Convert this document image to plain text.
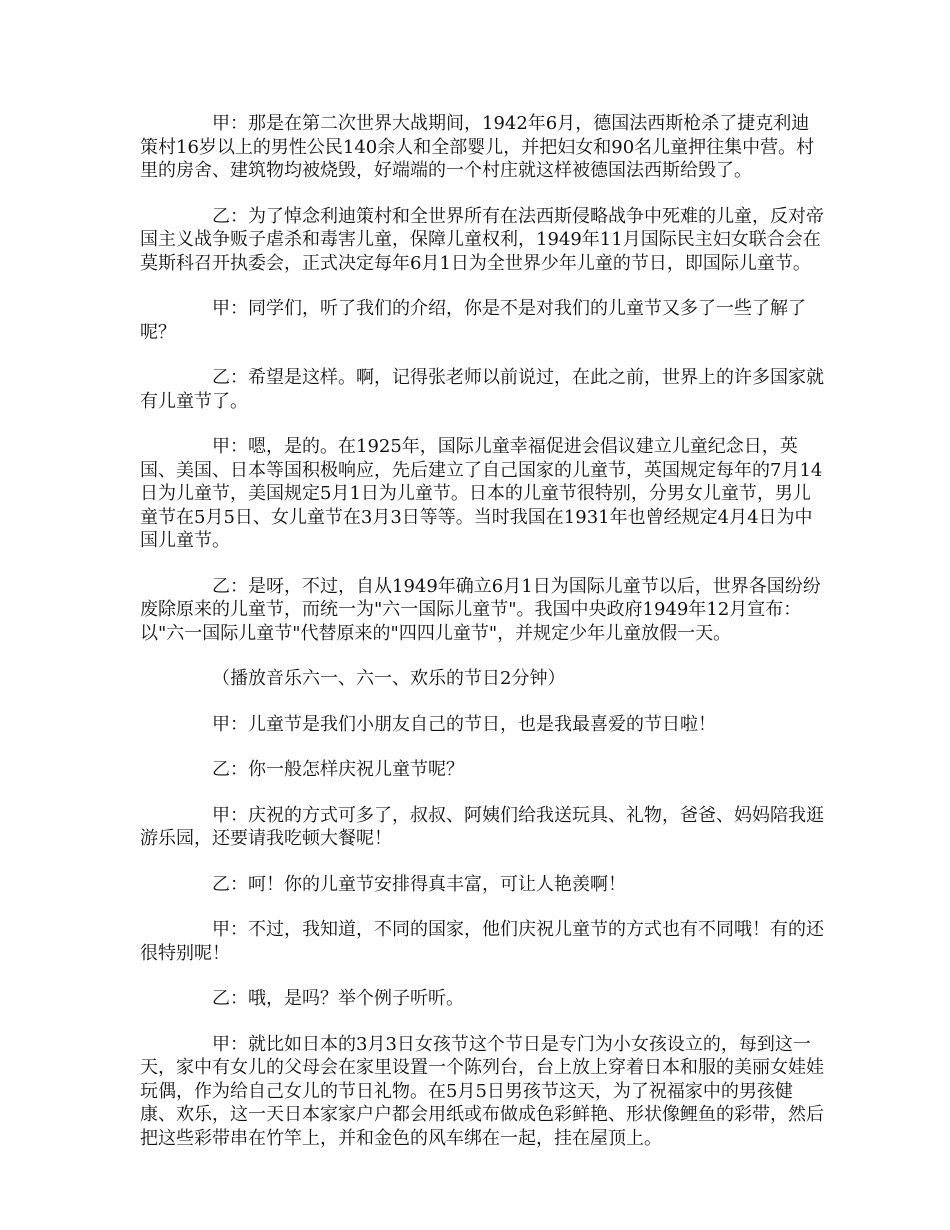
甲：那是在第二次世界大战期间，1942年6月，德国法西斯枪杀了捷克利迪策村16岁以上的男性公民140余人和全部婴儿，并把妇女和90名儿童押往集中营。村里的房舍、建筑物均被烧毁，好端端的一个村庄就这样被德国法西斯给毁了。

乙：为了悼念利迪策村和全世界所有在法西斯侵略战争中死难的儿童，反对帝国主义战争贩子虐杀和毒害儿童，保障儿童权利，1949年11月国际民主妇女联合会在莫斯科召开执委会，正式决定每年6月1日为全世界少年儿童的节日，即国际儿童节。

甲：同学们，听了我们的介绍，你是不是对我们的儿童节又多了一些了解了呢？

乙：希望是这样。啊，记得张老师以前说过，在此之前，世界上的许多国家就有儿童节了。

甲：嗯，是的。在1925年，国际儿童幸福促进会倡议建立儿童纪念日，英国、美国、日本等国积极响应，先后建立了自己国家的儿童节，英国规定每年的7月14日为儿童节，美国规定5月1日为儿童节。日本的儿童节很特别，分男女儿童节，男儿童节在5月5日、女儿童节在3月3日等等。当时我国在1931年也曾经规定4月4日为中国儿童节。

乙：是呀，不过，自从1949年确立6月1日为国际儿童节以后，世界各国纷纷废除原来的儿童节，而统一为"六一国际儿童节"。我国中央政府1949年12月宣布：以"六一国际儿童节"代替原来的"四四儿童节"，并规定少年儿童放假一天。

（播放音乐六一、六一、欢乐的节日2分钟）

甲：儿童节是我们小朋友自己的节日，也是我最喜爱的节日啦！

乙：你一般怎样庆祝儿童节呢？

甲：庆祝的方式可多了，叔叔、阿姨们给我送玩具、礼物，爸爸、妈妈陪我逛游乐园，还要请我吃顿大餐呢！

乙：呵！你的儿童节安排得真丰富，可让人艳羡啊！

甲：不过，我知道，不同的国家，他们庆祝儿童节的方式也有不同哦！有的还很特别呢！

乙：哦，是吗？举个例子听听。

甲：就比如日本的3月3日女孩节这个节日是专门为小女孩设立的，每到这一天，家中有女儿的父母会在家里设置一个陈列台，台上放上穿着日本和服的美丽女娃娃玩偶，作为给自己女儿的节日礼物。在5月5日男孩节这天，为了祝福家中的男孩健康、欢乐，这一天日本家家户户都会用纸或布做成色彩鲜艳、形状像鲤鱼的彩带，然后把这些彩带串在竹竿上，并和金色的风车绑在一起，挂在屋顶上。
